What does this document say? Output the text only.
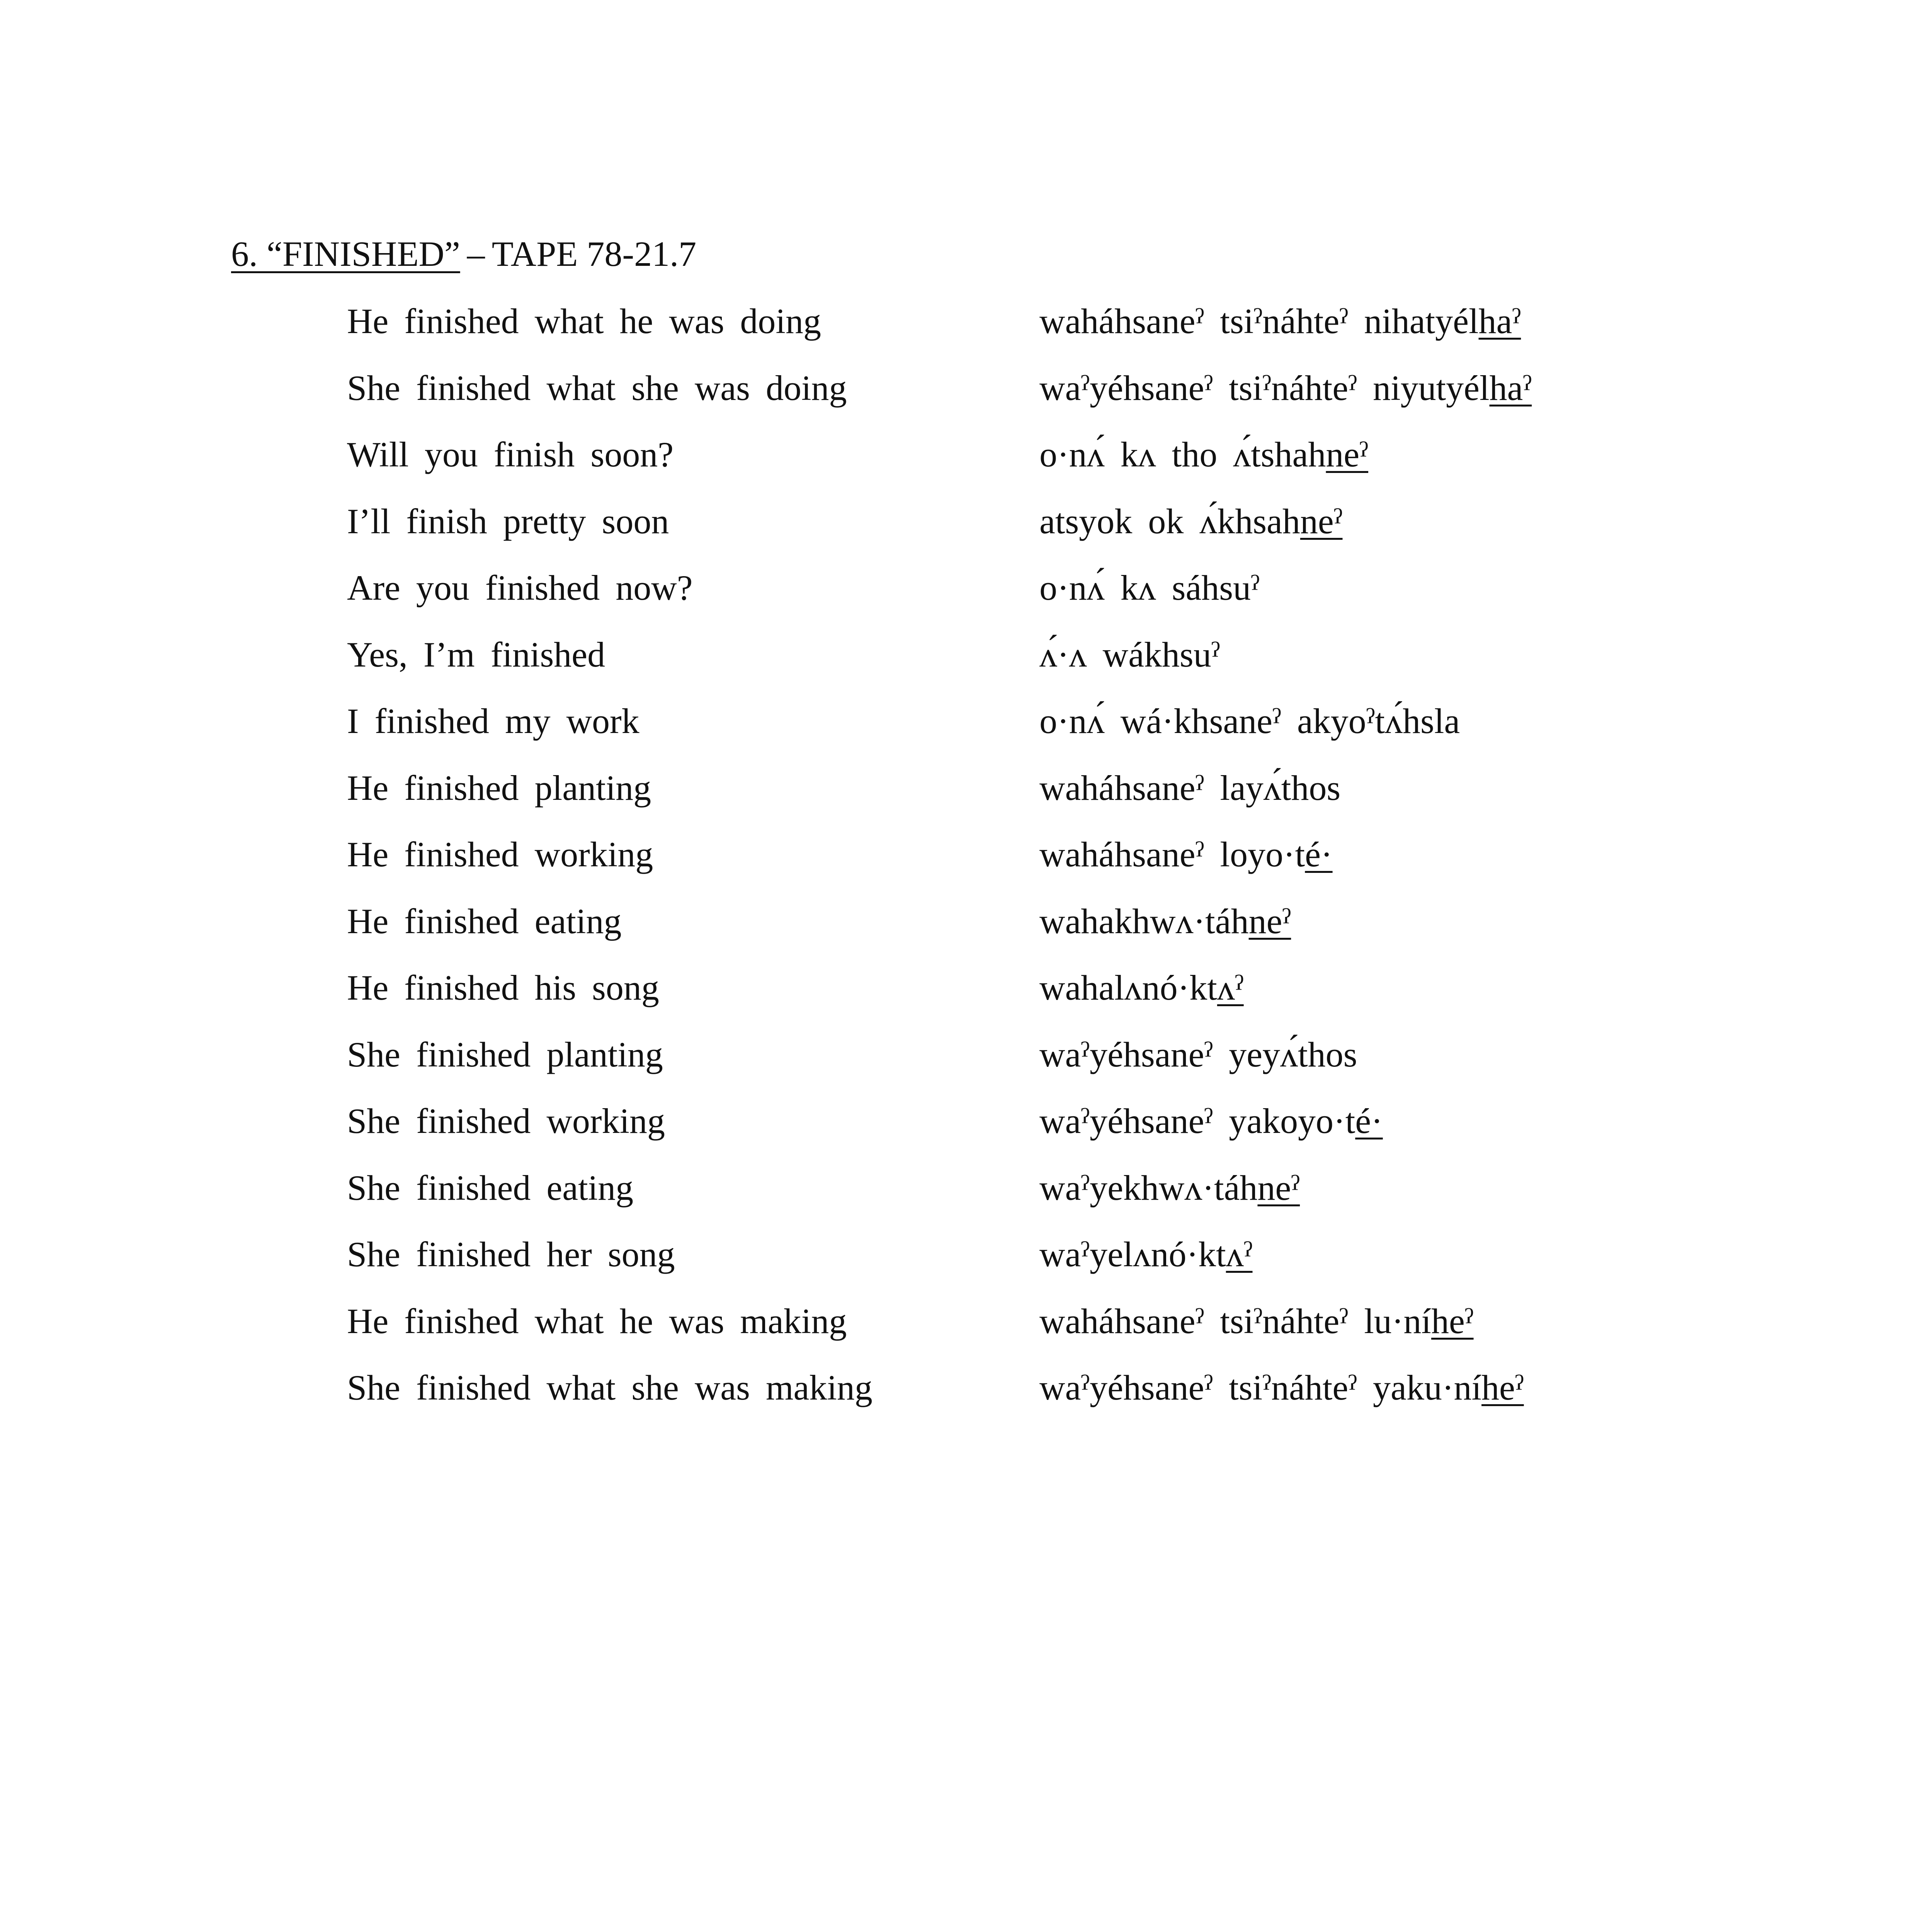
6. “FINISHED” – TAPE 78-21.7
He finished what he was doing	waháhsaneˀ tsiˀnáhteˀ nihatyélhaˀ
She finished what she was doing	waˀyéhsaneˀ tsiˀnáhteˀ niyutyélhaˀ
Will you finish soon?	o·nʌ́ kʌ tho ʌ́tshahneˀ
I’ll finish pretty soon	atsyok ok ʌ́khsahneˀ
Are you finished now?	o·nʌ́ kʌ sáhsuˀ
Yes, I’m finished	ʌ́·ʌ wákhsuˀ
I finished my work	o·nʌ́ wá·khsaneˀ akyoˀtʌ́hsla
He finished planting	waháhsaneˀ layʌ́thos
He finished working	waháhsaneˀ loyo·té·
He finished eating	wahakhwʌ·táhneˀ
He finished his song	wahalʌnó·ktʌˀ
She finished planting	waˀyéhsaneˀ yeyʌ́thos
She finished working	waˀyéhsaneˀ yakoyo·té·
She finished eating	waˀyekhwʌ·táhneˀ
She finished her song	waˀyelʌnó·ktʌˀ
He finished what he was making	waháhsaneˀ tsiˀnáhteˀ lu·níheˀ
She finished what she was making	waˀyéhsaneˀ tsiˀnáhteˀ yaku·níheˀ
